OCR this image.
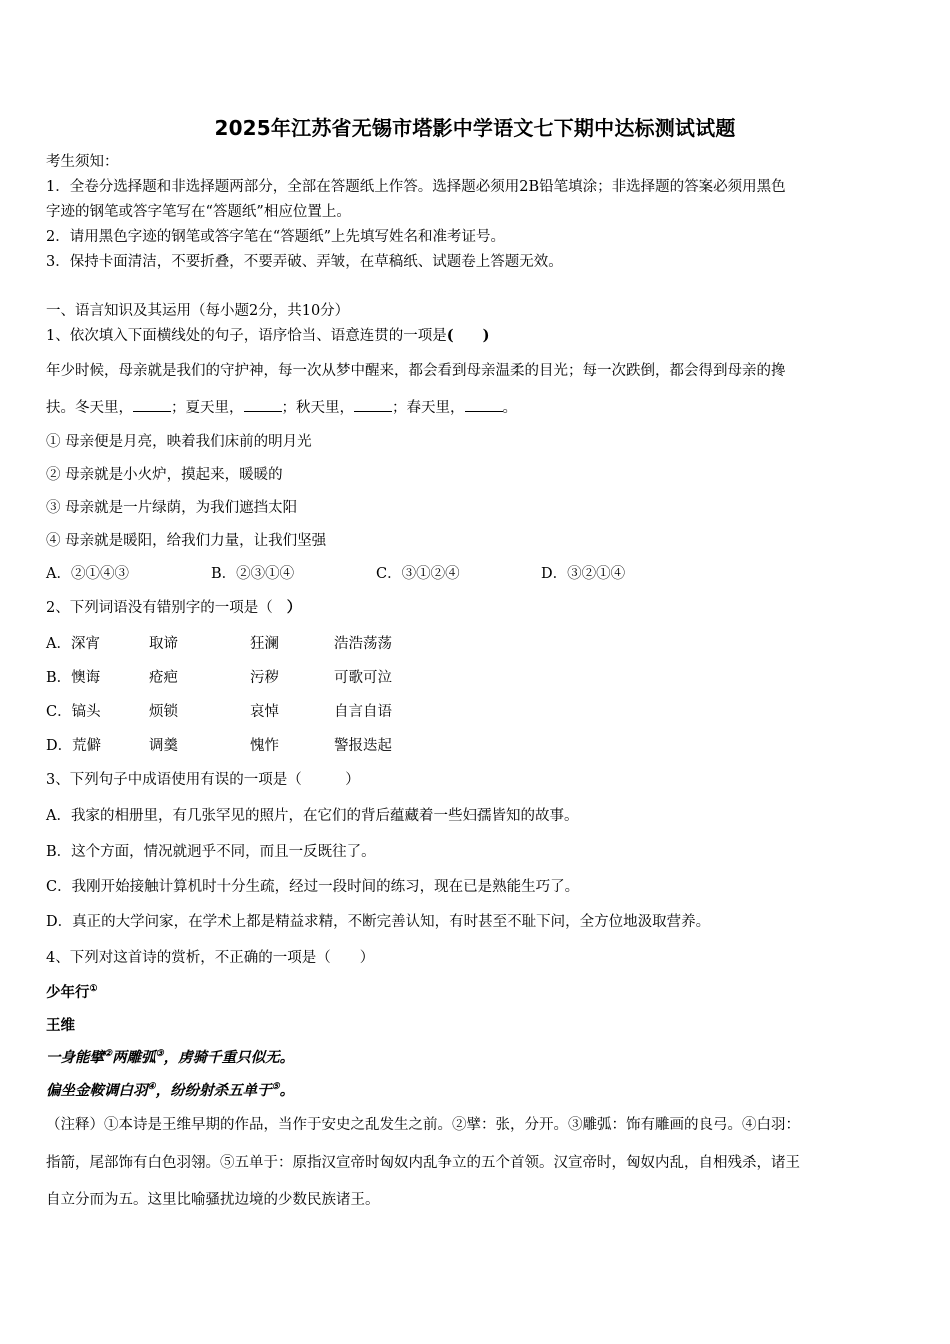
2025年江苏省无锡市塔影中学语文七下期中达标测试试题
考生须知：
1．全卷分选择题和非选择题两部分，全部在答题纸上作答。选择题必须用2B铅笔填涂；非选择题的答案必须用黑色
字迹的钢笔或答字笔写在“答题纸”相应位置上。
2．请用黑色字迹的钢笔或答字笔在“答题纸”上先填写姓名和准考证号。
3．保持卡面清洁，不要折叠，不要弄破、弄皱，在草稿纸、试题卷上答题无效。
一、语言知识及其运用（每小题2分，共10分）
1、依次填入下面横线处的句子，语序恰当、语意连贯的一项是(　　)
年少时候，母亲就是我们的守护神，每一次从梦中醒来，都会看到母亲温柔的目光；每一次跌倒，都会得到母亲的搀
扶。冬天里，	；夏天里，	；秋天里，	；春天里，	。
① 母亲便是月亮，映着我们床前的明月光
② 母亲就是小火炉，摸起来，暖暖的
③ 母亲就是一片绿荫，为我们遮挡太阳
④ 母亲就是暖阳，给我们力量，让我们坚强
A．②①④③	B．②③①④	C．③①②④	D．③②①④
2、下列词语没有错别字的一项是（ ）
A．深宵	取谛	狂澜	浩浩荡荡
B．懊诲	疮疤	污秽	可歌可泣
C．镐头	烦锁	哀悼	自言自语
D．荒僻	调羹	愧怍	警报迭起
3、下列句子中成语使用有误的一项是（　　　）
A．我家的相册里，有几张罕见的照片，在它们的背后蕴藏着一些妇孺皆知的故事。
B．这个方面，情况就迥乎不同，而且一反既往了。
C．我刚开始接触计算机时十分生疏，经过一段时间的练习，现在已是熟能生巧了。
D．真正的大学问家，在学术上都是精益求精，不断完善认知，有时甚至不耻下问，全方位地汲取营养。
4、下列对这首诗的赏析，不正确的一项是（　　）
少年行①
王维
一身能擘②两雕弧③，虏骑千重只似无。
偏坐金鞍调白羽④，纷纷射杀五单于⑤。
（注释）①本诗是王维早期的作品，当作于安史之乱发生之前。②擘：张，分开。③雕弧：饰有雕画的良弓。④白羽：
指箭，尾部饰有白色羽翎。⑤五单于：原指汉宣帝时匈奴内乱争立的五个首领。汉宣帝时，匈奴内乱，自相残杀，诸王
自立分而为五。这里比喻骚扰边境的少数民族诸王。
